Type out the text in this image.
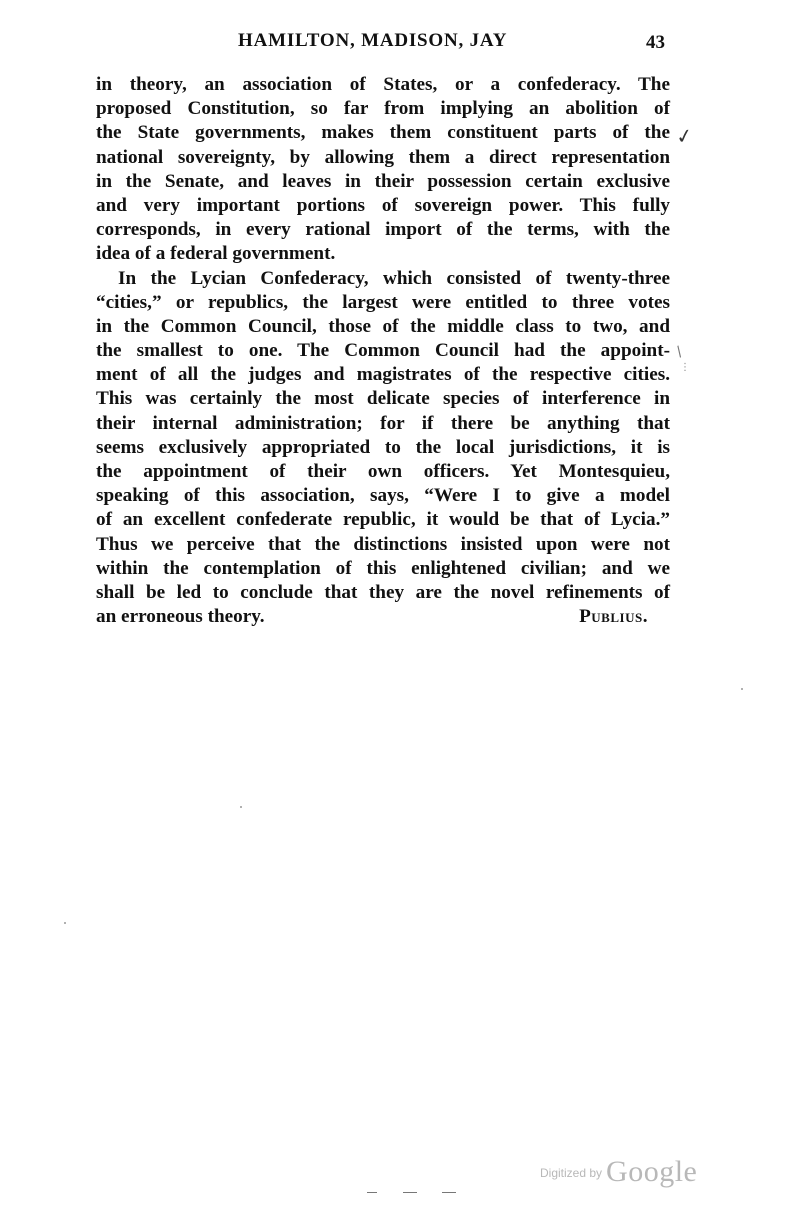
HAMILTON, MADISON, JAY	43
in theory, an association of States, or a confederacy. The
proposed Constitution, so far from implying an abolition of
the State governments, makes them constituent parts of the
national sovereignty, by allowing them a direct representation
in the Senate, and leaves in their possession certain exclusive
and very important portions of sovereign power. This fully
corresponds, in every rational import of the terms, with the
idea of a federal government.
In the Lycian Confederacy, which consisted of twenty-three
“cities,” or republics, the largest were entitled to three votes
in the Common Council, those of the middle class to two, and
the smallest to one. The Common Council had the appoint-
ment of all the judges and magistrates of the respective cities.
This was certainly the most delicate species of interference in
their internal administration; for if there be anything that
seems exclusively appropriated to the local jurisdictions, it is
the appointment of their own officers. Yet Montesquieu,
speaking of this association, says, “Were I to give a model
of an excellent confederate republic, it would be that of Lycia.”
Thus we perceive that the distinctions insisted upon were not
within the contemplation of this enlightened civilian; and we
shall be led to conclude that they are the novel refinements of
an erroneous theory.	Publius.
✓
/
⋮
$^{Digitized by}$ Google
